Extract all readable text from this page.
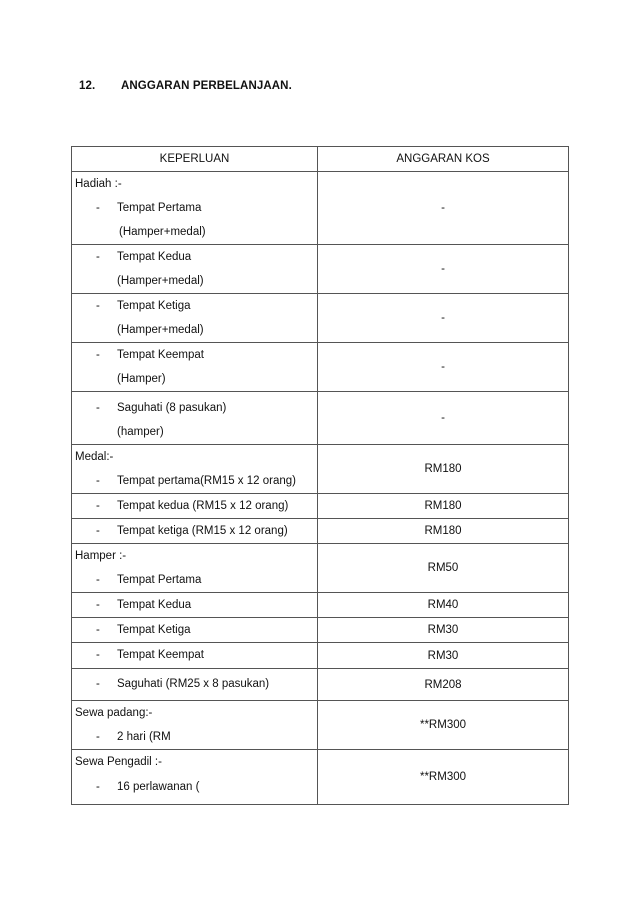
12. ANGGARAN PERBELANJAAN.
KEPERLUAN	ANGGARAN KOS

Hadiah :-
- Tempat Pertama
(Hamper+medal)	-

- Tempat Kedua
(Hamper+medal)	-

- Tempat Ketiga
(Hamper+medal)	-

- Tempat Keempat
(Hamper)	-

- Saguhati (8 pasukan)
(hamper)	-

Medal:-
- Tempat pertama(RM15 x 12 orang)	RM180

- Tempat kedua (RM15 x 12 orang)	RM180

- Tempat ketiga (RM15 x 12 orang)	RM180

Hamper :-
- Tempat Pertama	RM50

- Tempat Kedua	RM40

- Tempat Ketiga	RM30

- Tempat Keempat	RM30

- Saguhati (RM25 x 8 pasukan)	RM208

Sewa padang:-
- 2 hari (RM	**RM300

Sewa Pengadil :-
- 16 perlawanan (	**RM300
